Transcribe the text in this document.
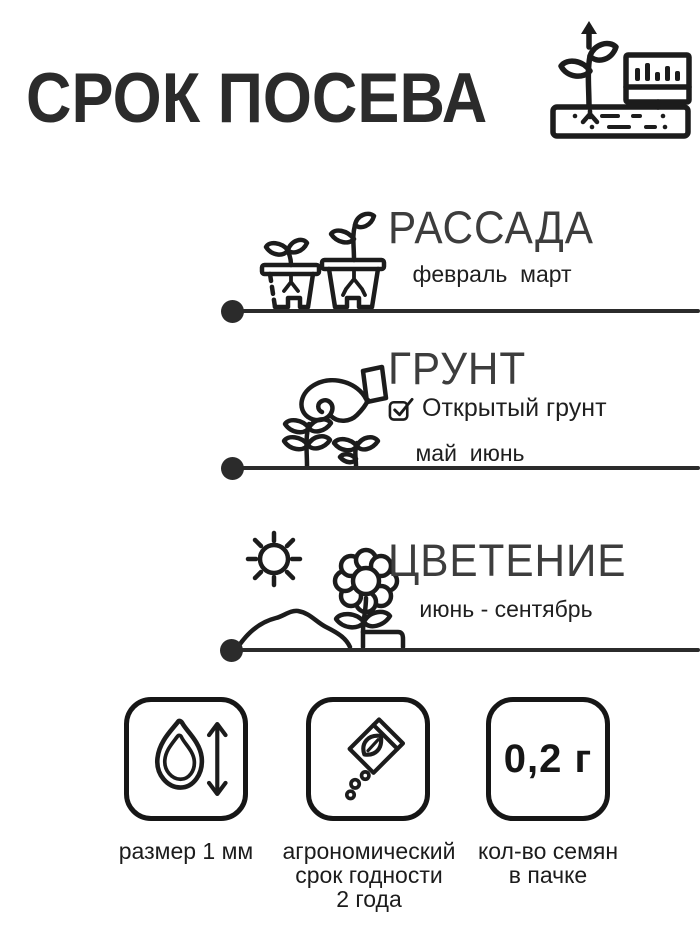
СРОК ПОСЕВА
РАССАДА
февраль  март
ГРУНТ
Открытый грунт
май  июнь
ЦВЕТЕНИЕ
июнь - сентябрь
0,2 г
размер 1 мм	агрономический
срок годности
2 года
кол-во семян
в пачке
